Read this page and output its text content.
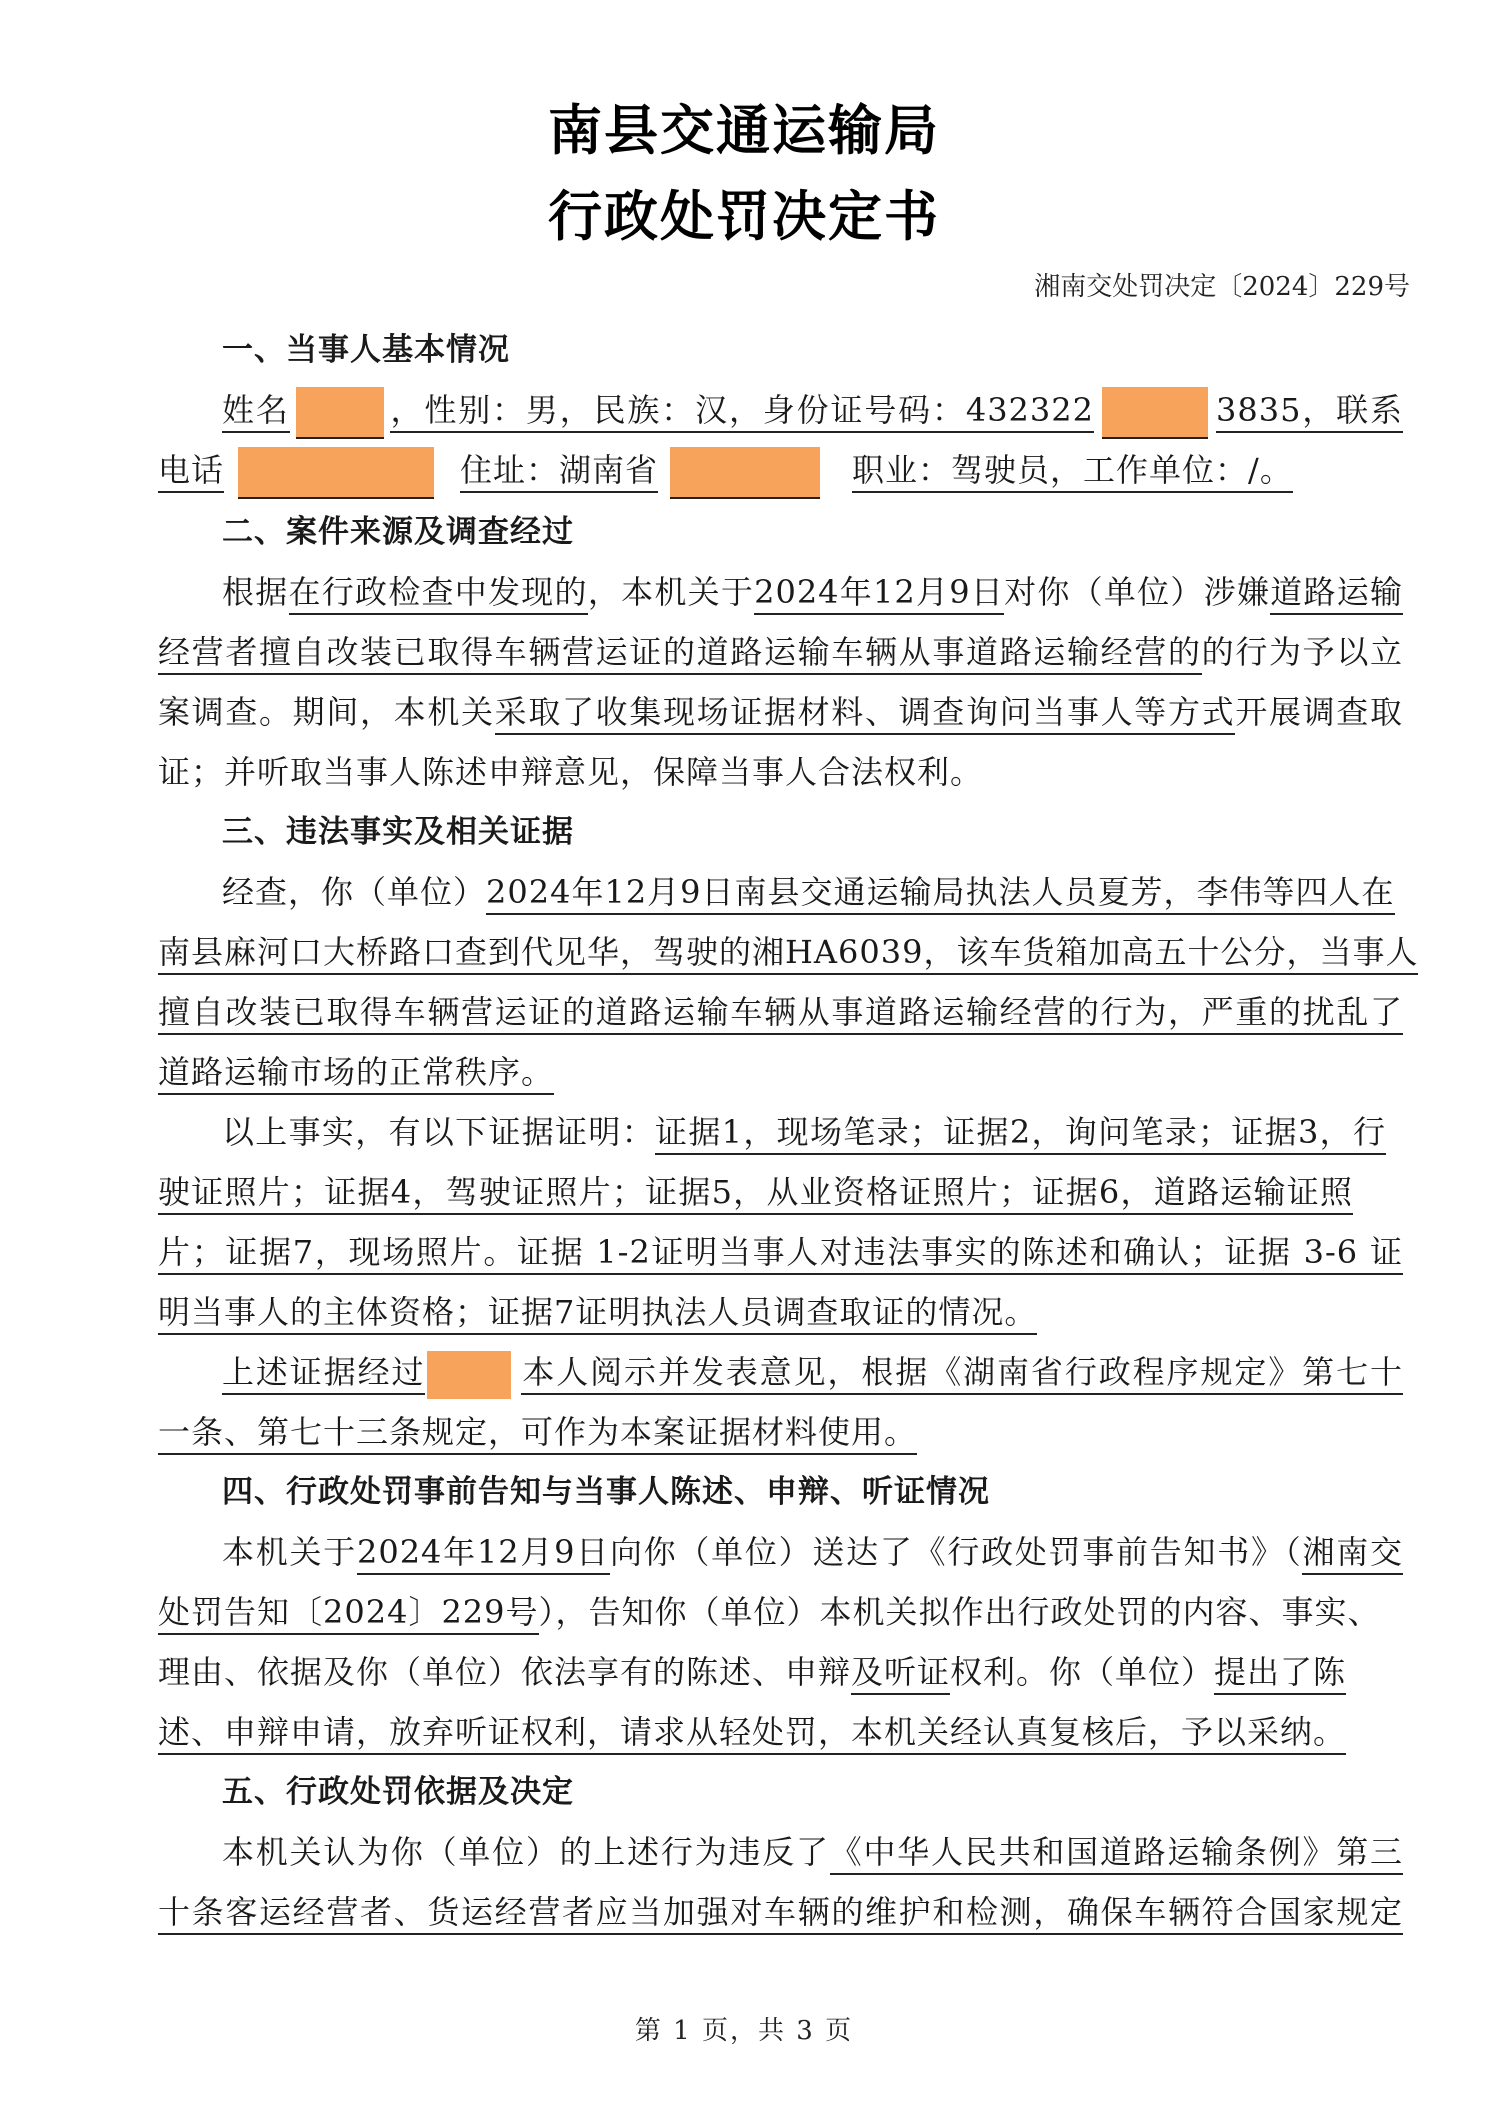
南县交通运输局
行政处罚决定书
湘南交处罚决定〔2024〕229号
一、当事人基本情况
姓名	，性别：男，民族：汉，身份证号码：432322	3835，联系
电话	住址：湖南省	职业：驾驶员，工作单位：/。
二、案件来源及调查经过
根据在行政检查中发现的，本机关于2024年12月9日对你（单位）涉嫌道路运输
经营者擅自改装已取得车辆营运证的道路运输车辆从事道路运输经营的的行为予以立
案调查。期间，本机关采取了收集现场证据材料、调查询问当事人等方式开展调查取
证；并听取当事人陈述申辩意见，保障当事人合法权利。
三、违法事实及相关证据
经查，你（单位）2024年12月9日南县交通运输局执法人员夏芳，李伟等四人在
南县麻河口大桥路口查到代见华，驾驶的湘HA6039，该车货箱加高五十公分，当事人
擅自改装已取得车辆营运证的道路运输车辆从事道路运输经营的行为，严重的扰乱了
道路运输市场的正常秩序。
以上事实，有以下证据证明：证据1，现场笔录；证据2，询问笔录；证据3，行
驶证照片；证据4，驾驶证照片；证据5，从业资格证照片；证据6，道路运输证照
片；证据7，现场照片。证据 1-2证明当事人对违法事实的陈述和确认；证据 3-6 证
明当事人的主体资格；证据7证明执法人员调查取证的情况。
上述证据经过	本人阅示并发表意见，根据《湖南省行政程序规定》第七十
一条、第七十三条规定，可作为本案证据材料使用。
四、行政处罚事前告知与当事人陈述、申辩、听证情况
本机关于2024年12月9日向你（单位）送达了《行政处罚事前告知书》（湘南交
处罚告知〔2024〕229号），告知你（单位）本机关拟作出行政处罚的内容、事实、
理由、依据及你（单位）依法享有的陈述、申辩及听证权利。你（单位）提出了陈
述、申辩申请，放弃听证权利，请求从轻处罚，本机关经认真复核后，予以采纳。
五、行政处罚依据及决定
本机关认为你（单位）的上述行为违反了《中华人民共和国道路运输条例》第三
十条客运经营者、货运经营者应当加强对车辆的维护和检测，确保车辆符合国家规定
第 1 页，共 3 页
